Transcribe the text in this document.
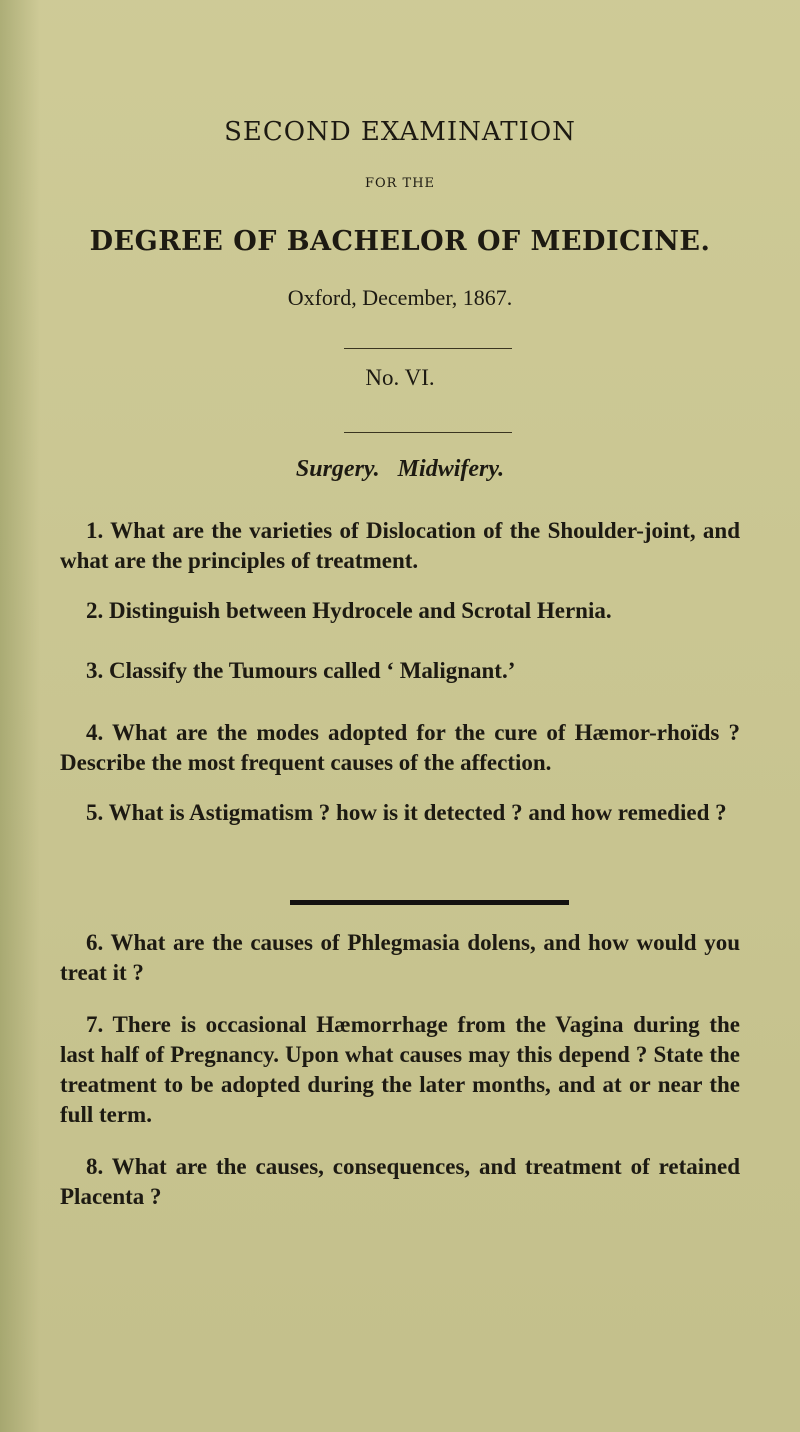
SECOND EXAMINATION
FOR THE
DEGREE OF BACHELOR OF MEDICINE.
Oxford, December, 1867.
No. VI.
Surgery.   Midwifery.

1. What are the varieties of Dislocation of the Shoulder-joint, and what are the principles of treatment.

2. Distinguish between Hydrocele and Scrotal Hernia.

3. Classify the Tumours called ‘ Malignant.’

4. What are the modes adopted for the cure of Hæmor-rhoïds ? Describe the most frequent causes of the affection.

5. What is Astigmatism ? how is it detected ? and how remedied ?

6. What are the causes of Phlegmasia dolens, and how would you treat it ?

7. There is occasional Hæmorrhage from the Vagina during the last half of Pregnancy. Upon what causes may this depend ? State the treatment to be adopted during the later months, and at or near the full term.

8. What are the causes, consequences, and treatment of retained Placenta ?
